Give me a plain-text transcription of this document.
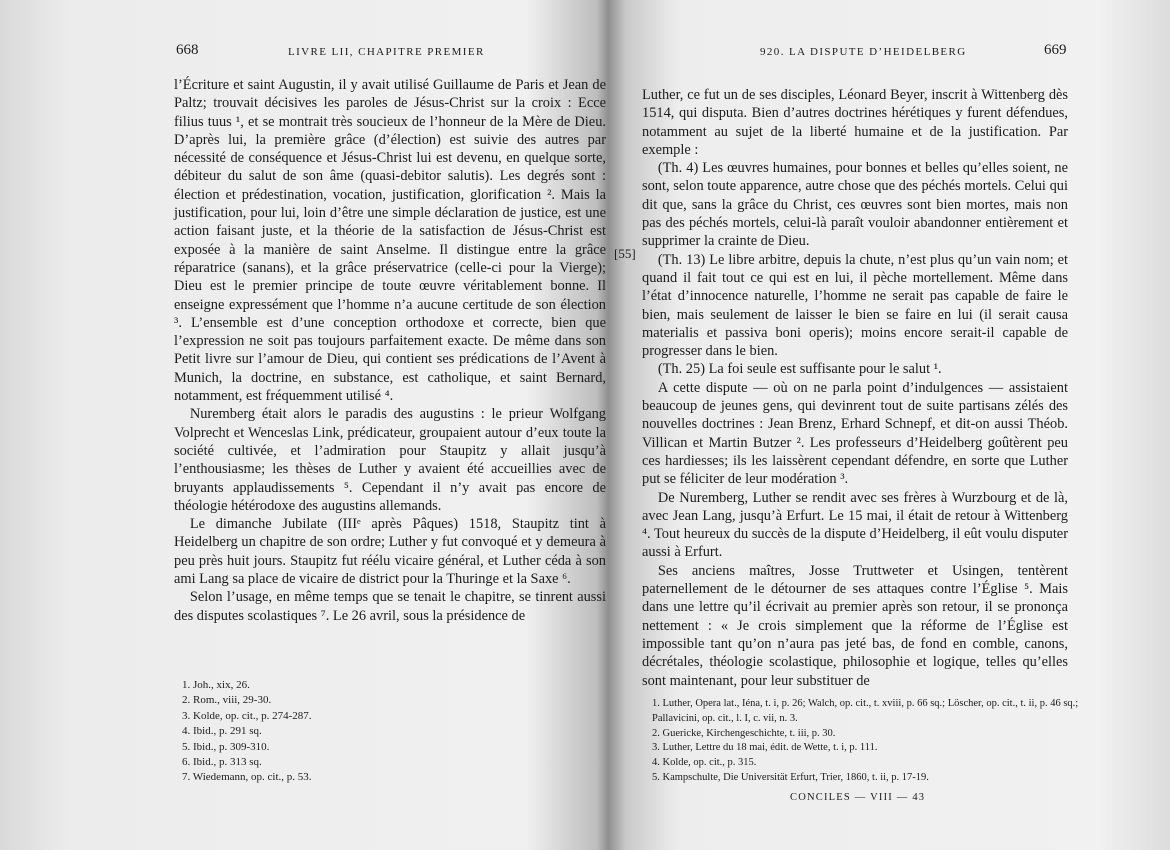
668	LIVRE LII, CHAPITRE PREMIER

l’Écriture et saint Augustin, il y avait utilisé Guillaume de Paris et Jean de Paltz; trouvait décisives les paroles de Jésus-Christ sur la croix : Ecce filius tuus ¹, et se montrait très soucieux de l’honneur de la Mère de Dieu. D’après lui, la première grâce (d’élection) est suivie des autres par nécessité de conséquence et Jésus-Christ lui est devenu, en quelque sorte, débiteur du salut de son âme (quasi-debitor salutis). Les degrés sont : élection et prédestination, vocation, justification, glorification ². Mais la justification, pour lui, loin d’être une simple déclaration de justice, est une action faisant juste, et la théorie de la satisfaction de Jésus-Christ est exposée à la manière de saint Anselme. Il distingue entre la grâce réparatrice (sanans), et la grâce préservatrice (celle-ci pour la Vierge); Dieu est le premier principe de toute œuvre véritablement bonne. Il enseigne expressément que l’homme n’a aucune certitude de son élection ³. L’ensemble est d’une conception orthodoxe et correcte, bien que l’expression ne soit pas toujours parfaitement exacte. De même dans son Petit livre sur l’amour de Dieu, qui contient ses prédications de l’Avent à Munich, la doctrine, en substance, est catholique, et saint Bernard, notamment, est fréquemment utilisé ⁴.

Nuremberg était alors le paradis des augustins : le prieur Wolfgang Volprecht et Wenceslas Link, prédicateur, groupaient autour d’eux toute la société cultivée, et l’admiration pour Staupitz y allait jusqu’à l’enthousiasme; les thèses de Luther y avaient été accueillies avec de bruyants applaudissements ⁵. Cependant il n’y avait pas encore de théologie hétérodoxe des augustins allemands.

Le dimanche Jubilate (IIIᵉ après Pâques) 1518, Staupitz tint à Heidelberg un chapitre de son ordre; Luther y fut convoqué et y demeura à peu près huit jours. Staupitz fut réélu vicaire général, et Luther céda à son ami Lang sa place de vicaire de district pour la Thuringe et la Saxe ⁶.

Selon l’usage, en même temps que se tenait le chapitre, se tinrent aussi des disputes scolastiques ⁷. Le 26 avril, sous la présidence de

1. Joh., xix, 26.
2. Rom., viii, 29-30.
3. Kolde, op. cit., p. 274-287.
4. Ibid., p. 291 sq.
5. Ibid., p. 309-310.
6. Ibid., p. 313 sq.
7. Wiedemann, op. cit., p. 53.
920. LA DISPUTE D’HEIDELBERG	669
[55]

Luther, ce fut un de ses disciples, Léonard Beyer, inscrit à Wittenberg dès 1514, qui disputa. Bien d’autres doctrines hérétiques y furent défendues, notamment au sujet de la liberté humaine et de la justification. Par exemple :

(Th. 4) Les œuvres humaines, pour bonnes et belles qu’elles soient, ne sont, selon toute apparence, autre chose que des péchés mortels. Celui qui dit que, sans la grâce du Christ, ces œuvres sont bien mortes, mais non pas des péchés mortels, celui-là paraît vouloir abandonner entièrement et supprimer la crainte de Dieu.

(Th. 13) Le libre arbitre, depuis la chute, n’est plus qu’un vain nom; et quand il fait tout ce qui est en lui, il pèche mortellement. Même dans l’état d’innocence naturelle, l’homme ne serait pas capable de faire le bien, mais seulement de laisser le bien se faire en lui (il serait causa materialis et passiva boni operis); moins encore serait-il capable de progresser dans le bien.

(Th. 25) La foi seule est suffisante pour le salut ¹.

A cette dispute — où on ne parla point d’indulgences — assistaient beaucoup de jeunes gens, qui devinrent tout de suite partisans zélés des nouvelles doctrines : Jean Brenz, Erhard Schnepf, et dit-on aussi Théob. Villican et Martin Butzer ². Les professeurs d’Heidelberg goûtèrent peu ces hardiesses; ils les laissèrent cependant défendre, en sorte que Luther put se féliciter de leur modération ³.

De Nuremberg, Luther se rendit avec ses frères à Wurzbourg et de là, avec Jean Lang, jusqu’à Erfurt. Le 15 mai, il était de retour à Wittenberg ⁴. Tout heureux du succès de la dispute d’Heidelberg, il eût voulu disputer aussi à Erfurt.

Ses anciens maîtres, Josse Truttweter et Usingen, tentèrent paternellement de le détourner de ses attaques contre l’Église ⁵. Mais dans une lettre qu’il écrivait au premier après son retour, il se prononça nettement : « Je crois simplement que la réforme de l’Église est impossible tant qu’on n’aura pas jeté bas, de fond en comble, canons, décrétales, théologie scolastique, philosophie et logique, telles qu’elles sont maintenant, pour leur substituer de

1. Luther, Opera lat., Iéna, t. i, p. 26; Walch, op. cit., t. xviii, p. 66 sq.; Löscher, op. cit., t. ii, p. 46 sq.; Pallavicini, op. cit., l. I, c. vii, n. 3.
2. Guericke, Kirchengeschichte, t. iii, p. 30.
3. Luther, Lettre du 18 mai, édit. de Wette, t. i, p. 111.
4. Kolde, op. cit., p. 315.
5. Kampschulte, Die Universität Erfurt, Trier, 1860, t. ii, p. 17-19.
CONCILES — VIII — 43
